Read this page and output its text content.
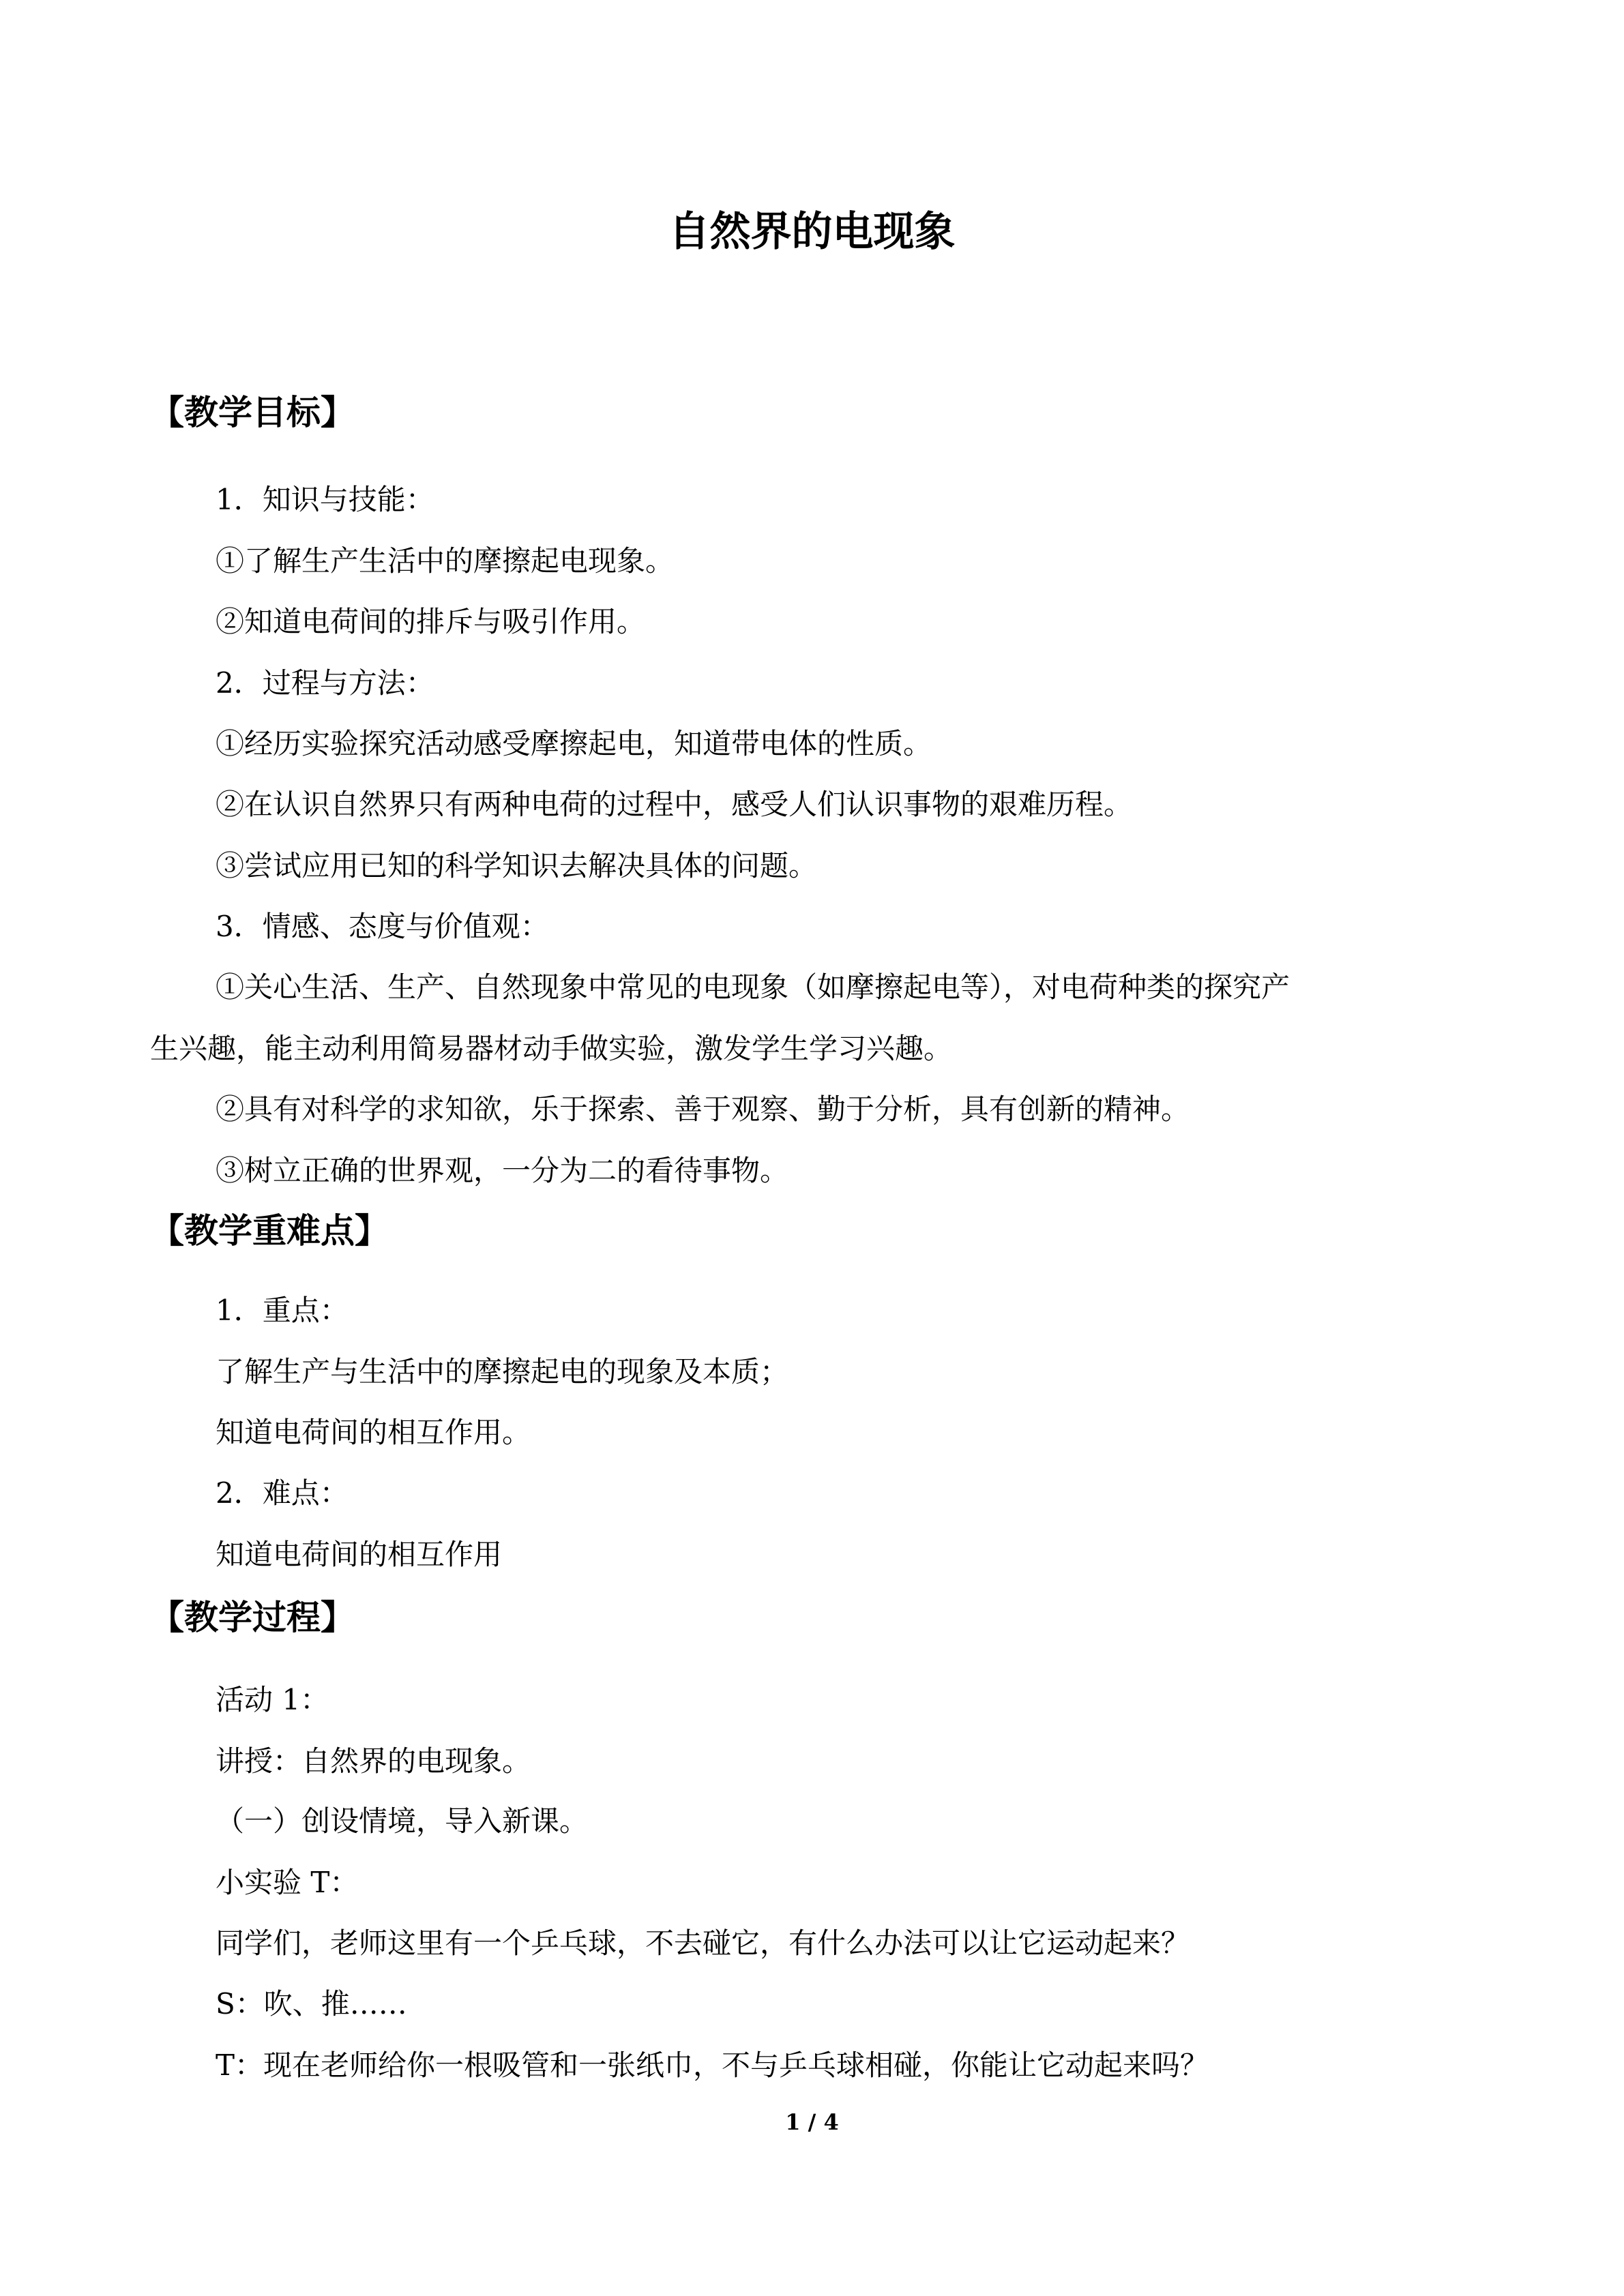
自然界的电现象
【教学目标】

1．知识与技能：

①了解生产生活中的摩擦起电现象。

②知道电荷间的排斥与吸引作用。

2．过程与方法：

①经历实验探究活动感受摩擦起电，知道带电体的性质。

②在认识自然界只有两种电荷的过程中，感受人们认识事物的艰难历程。

③尝试应用已知的科学知识去解决具体的问题。

3．情感、态度与价值观：

①关心生活、生产、自然现象中常见的电现象（如摩擦起电等），对电荷种类的探究产

生兴趣，能主动利用简易器材动手做实验，激发学生学习兴趣。

②具有对科学的求知欲，乐于探索、善于观察、勤于分析，具有创新的精神。

③树立正确的世界观，一分为二的看待事物。

【教学重难点】

1．重点：

了解生产与生活中的摩擦起电的现象及本质；

知道电荷间的相互作用。

2．难点：

知道电荷间的相互作用

【教学过程】

活动 1：

讲授：自然界的电现象。

（一）创设情境，导入新课。

小实验 T：

同学们，老师这里有一个乒乓球，不去碰它，有什么办法可以让它运动起来？

S：吹、推……

T：现在老师给你一根吸管和一张纸巾，不与乒乓球相碰，你能让它动起来吗？

1 / 4
